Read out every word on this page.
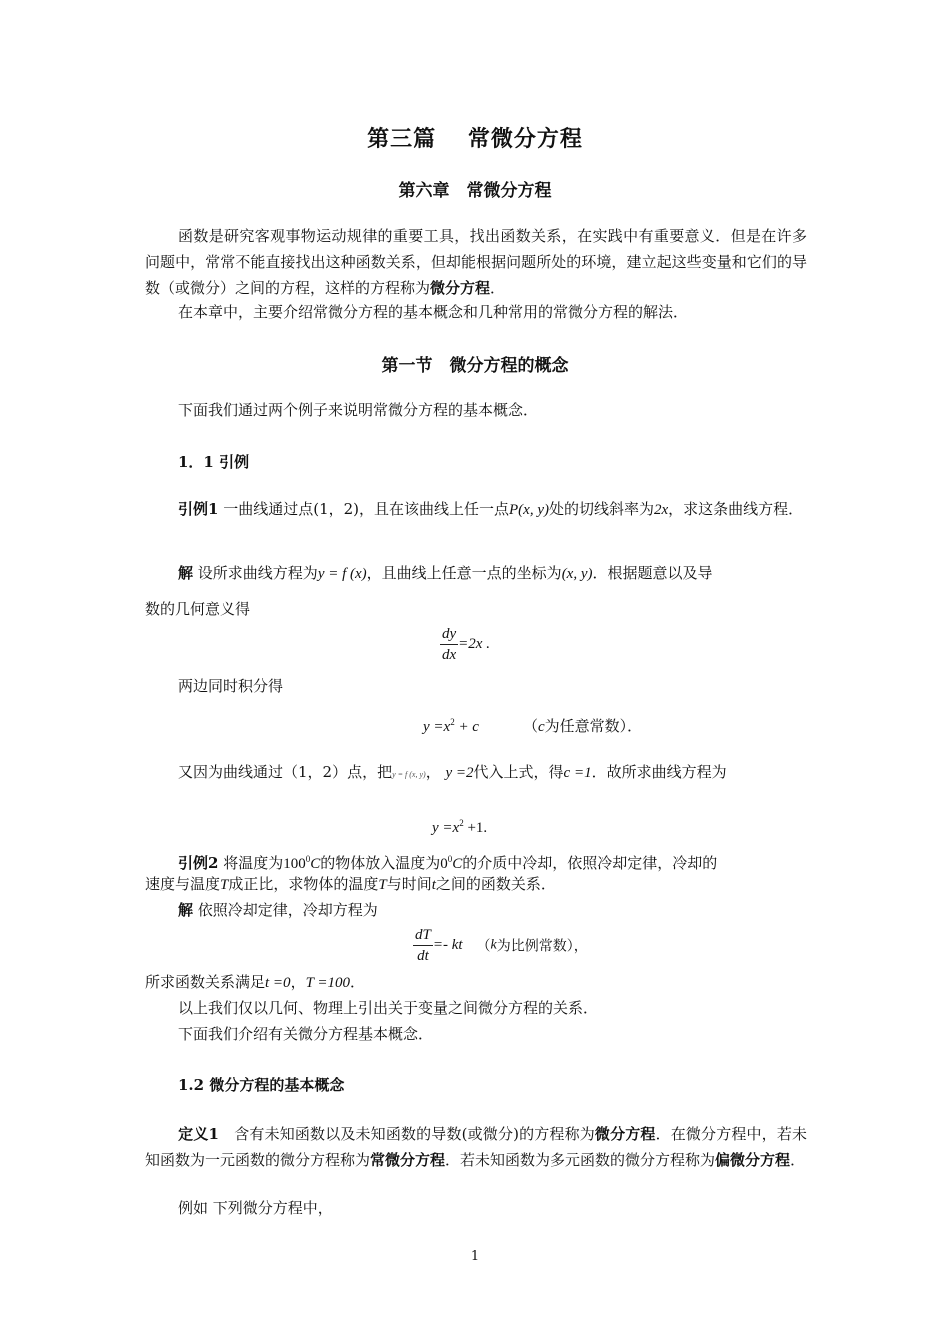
第三篇　 常微分方程
第六章　常微分方程
函数是研究客观事物运动规律的重要工具，找出函数关系，在实践中有重要意义．但是在许多问题中，常常不能直接找出这种函数关系，但却能根据问题所处的环境，建立起这些变量和它们的导数（或微分）之间的方程，这样的方程称为微分方程．
在本章中，主要介绍常微分方程的基本概念和几种常用的常微分方程的解法．
第一节　微分方程的概念
下面我们通过两个例子来说明常微分方程的基本概念．
1．1 引例
引例1 一曲线通过点(1，2)，且在该曲线上任一点P(x, y)处的切线斜率为2x，求这条曲线方程．
解 设所求曲线方程为y = f (x)，且曲线上任意一点的坐标为(x, y)．根据题意以及导
数的几何意义得
$\frac{dy}{dx} =2x$ .
两边同时积分得
$y =x^2 + c$	（c为任意常数）．
又因为曲线通过（1，2）点，把y = f (x, y)， y =2代入上式，得c =1．故所求曲线方程为
$y =x^2 +1$.
引例2 将温度为$100^0C$的物体放入温度为$0^0C$的介质中冷却，依照冷却定律，冷却的
速度与温度T成正比，求物体的温度T与时间t之间的函数关系．
解 依照冷却定律，冷却方程为
$\frac{dT}{dt}$ =- kt （k为比例常数），
所求函数关系满足t =0，T =100．
以上我们仅以几何、物理上引出关于变量之间微分方程的关系．
下面我们介绍有关微分方程基本概念．
1.2 微分方程的基本概念
定义1　 含有未知函数以及未知函数的导数(或微分)的方程称为微分方程．在微分方程中，若未知函数为一元函数的微分方程称为常微分方程．若未知函数为多元函数的微分方程称为偏微分方程．
例如 下列微分方程中，
1
